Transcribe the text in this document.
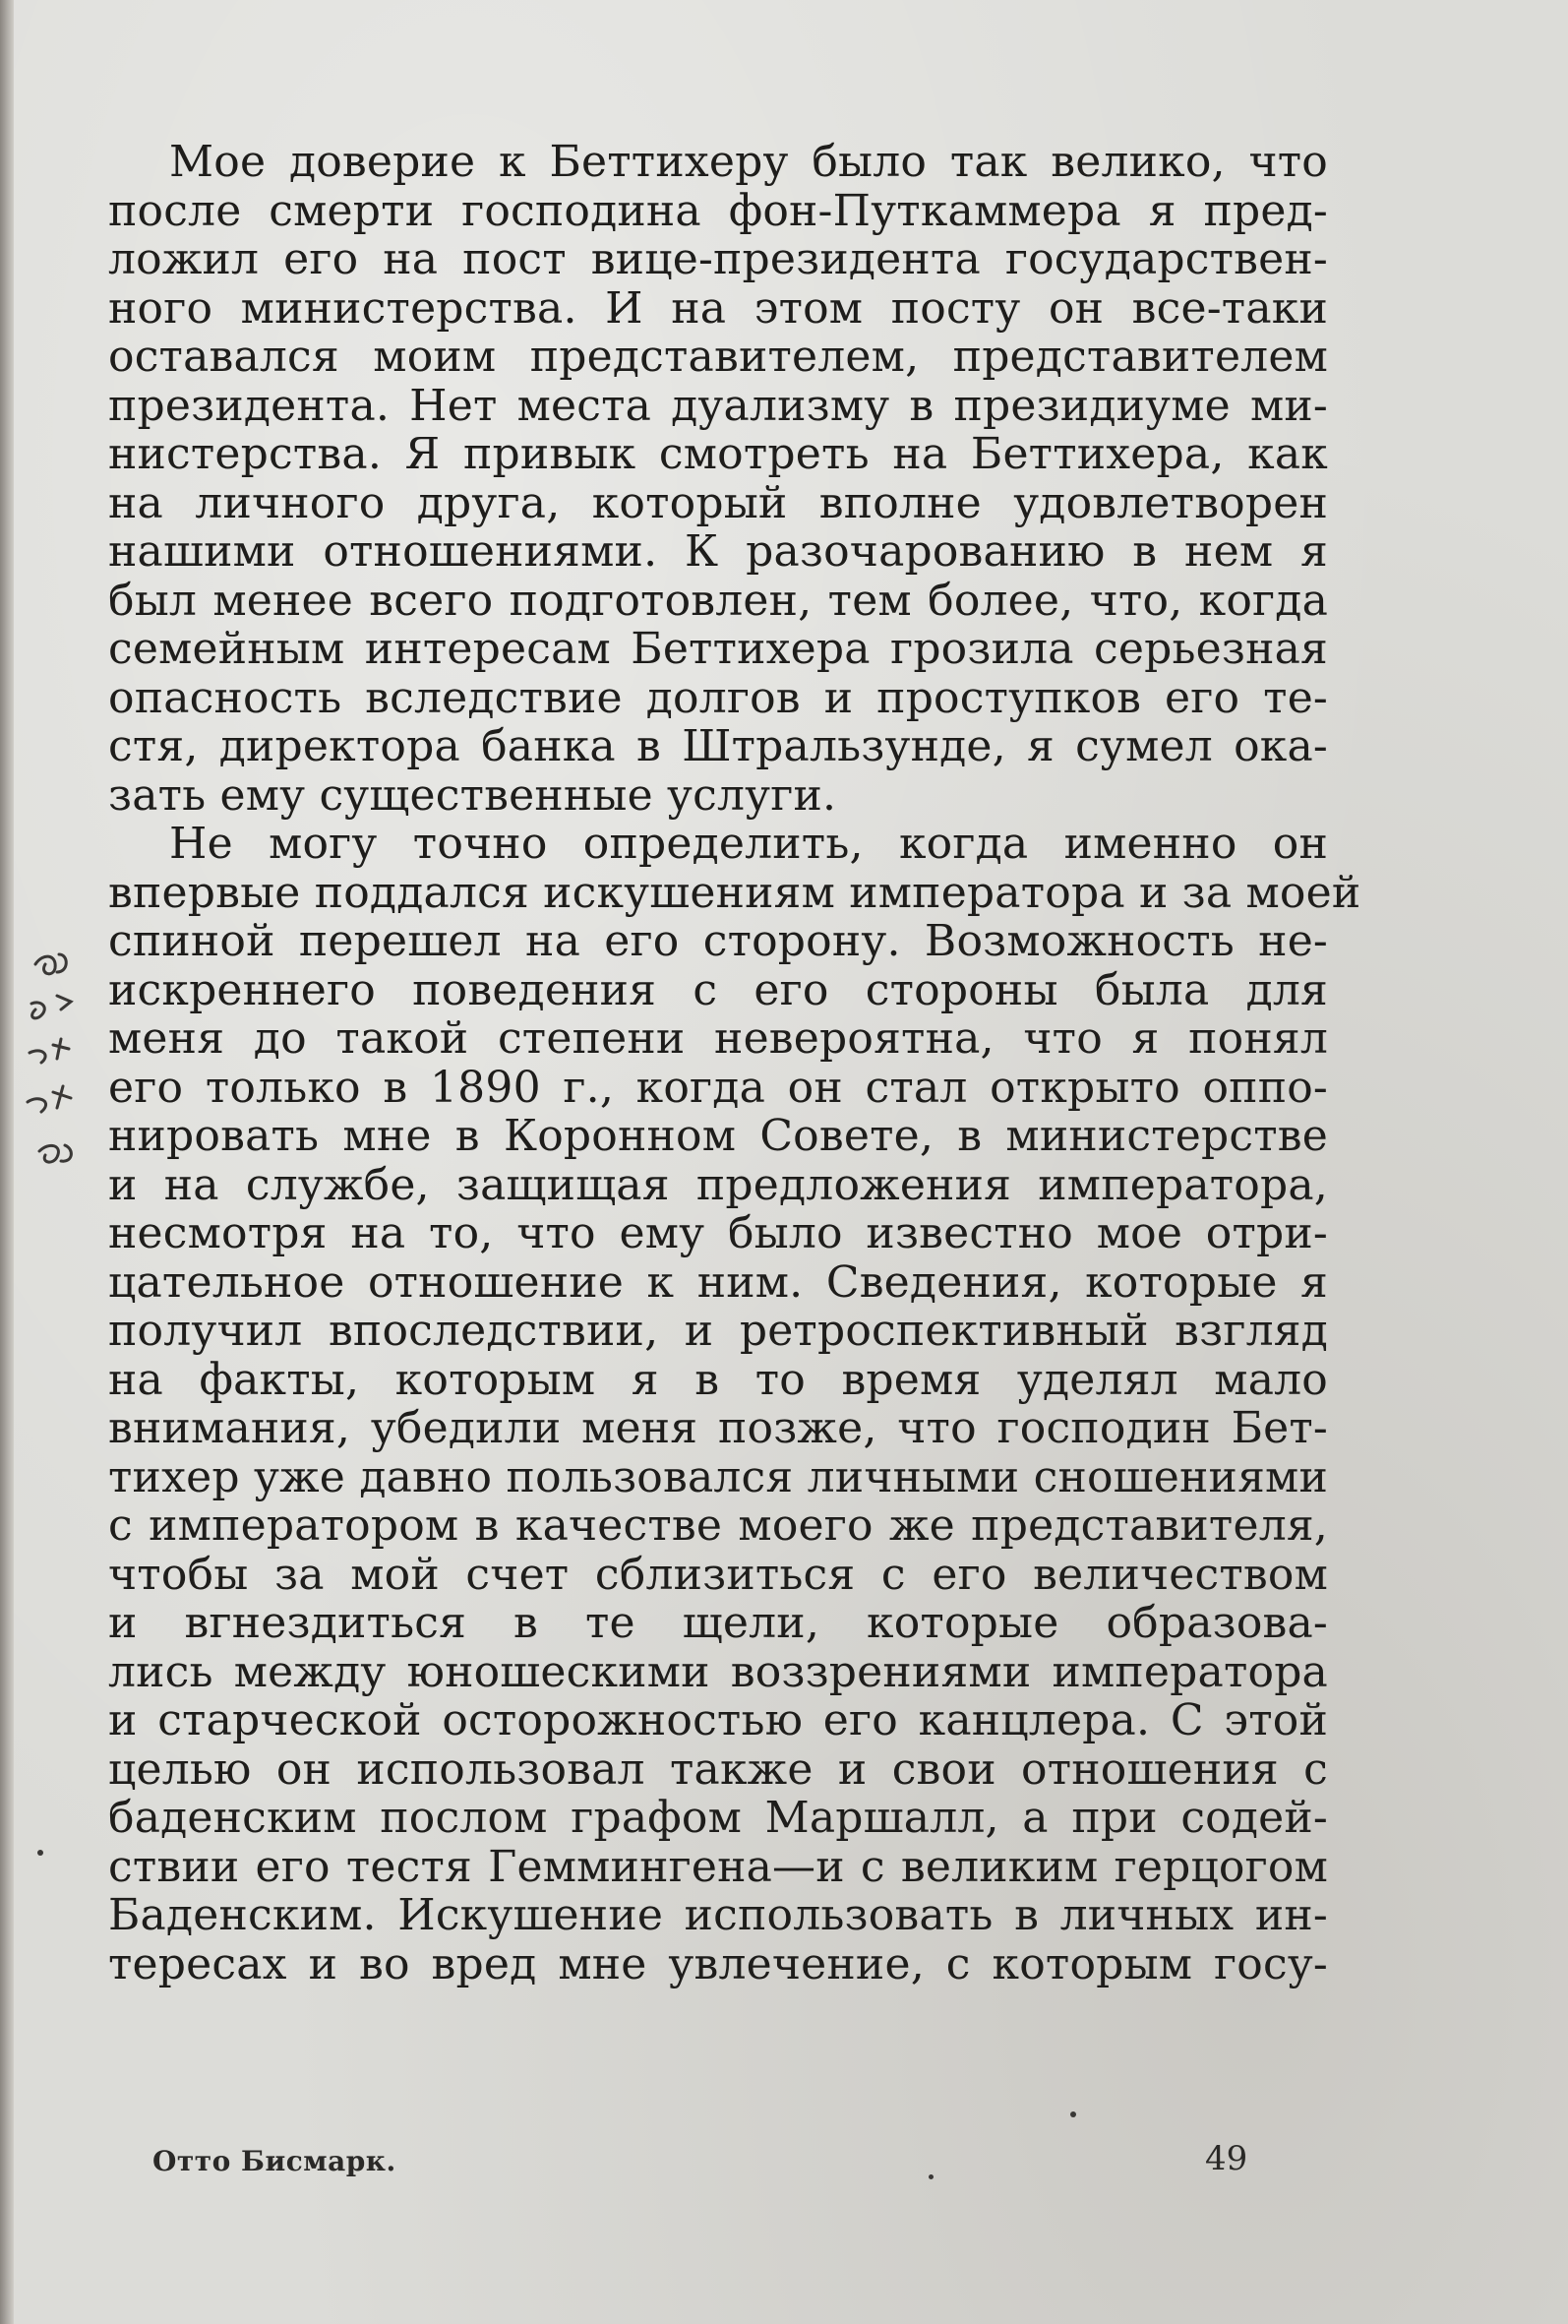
Мое доверие к Беттихеру было так велико, что
после смерти господина фон-Путкаммера я пред-
ложил его на пост вице-президента государствен-
ного министерства. И на этом посту он все-таки
оставался моим представителем, представителем
президента. Нет места дуализму в президиуме ми-
нистерства. Я привык смотреть на Беттихера, как
на личного друга, который вполне удовлетворен
нашими отношениями. К разочарованию в нем я
был менее всего подготовлен, тем более, что, когда
семейным интересам Беттихера грозила серьезная
опасность вследствие долгов и проступков его те-
стя, директора банка в Штральзунде, я сумел ока-
зать ему существенные услуги.

Не могу точно определить, когда именно он
впервые поддался искушениям императора и за моей
спиной перешел на его сторону. Возможность не-
искреннего поведения с его стороны была для
меня до такой степени невероятна, что я понял
его только в 1890 г., когда он стал открыто оппо-
нировать мне в Коронном Совете, в министерстве
и на службе, защищая предложения императора,
несмотря на то, что ему было известно мое отри-
цательное отношение к ним. Сведения, которые я
получил впоследствии, и ретроспективный взгляд
на факты, которым я в то время уделял мало
внимания, убедили меня позже, что господин Бет-
тихер уже давно пользовался личными сношениями
с императором в качестве моего же представителя,
чтобы за мой счет сблизиться с его величеством
и вгнездиться в те щели, которые образова-
лись между юношескими воззрениями императора
и старческой осторожностью его канцлера. С этой
целью он использовал также и свои отношения с
баденским послом графом Маршалл, а при содей-
ствии его тестя Геммингена—и с великим герцогом
Баденским. Искушение использовать в личных ин-
тересах и во вред мне увлечение, с которым госу-

Отто Бисмарк.	49
